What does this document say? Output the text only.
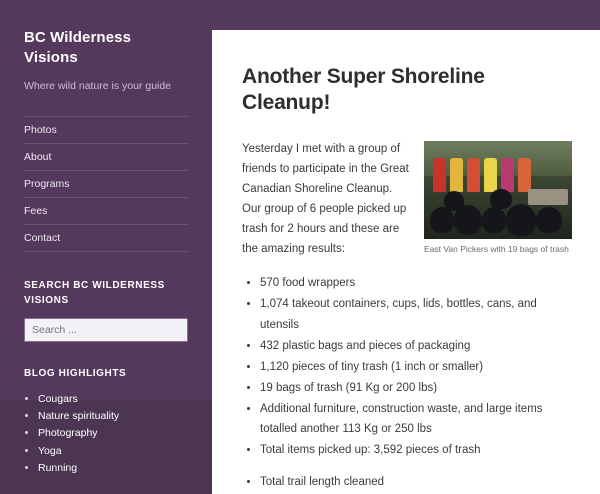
BC Wilderness Visions

Where wild nature is your guide

Photos
About
Programs
Fees
Contact
SEARCH BC WILDERNESS VISIONS
Search ...
BLOG HIGHLIGHTS
• Cougars
• Nature spirituality
• Photography
• Yoga
• Running
Another Super Shoreline Cleanup!
East Van Pickers with 19 bags of trash

Yesterday I met with a group of friends to participate in the Great Canadian Shoreline Cleanup. Our group of 6 people picked up trash for 2 hours and these are the amazing results:

• 570 food wrappers
• 1,074 takeout containers, cups, lids, bottles, cans, and utensils
• 432 plastic bags and pieces of packaging
• 1,120 pieces of tiny trash (1 inch or smaller)
• 19 bags of trash (91 Kg or 200 lbs)
• Additional furniture, construction waste, and large items totalled another 113 Kg or 250 lbs
• Total items picked up: 3,592 pieces of trash
• Total trail length cleaned
